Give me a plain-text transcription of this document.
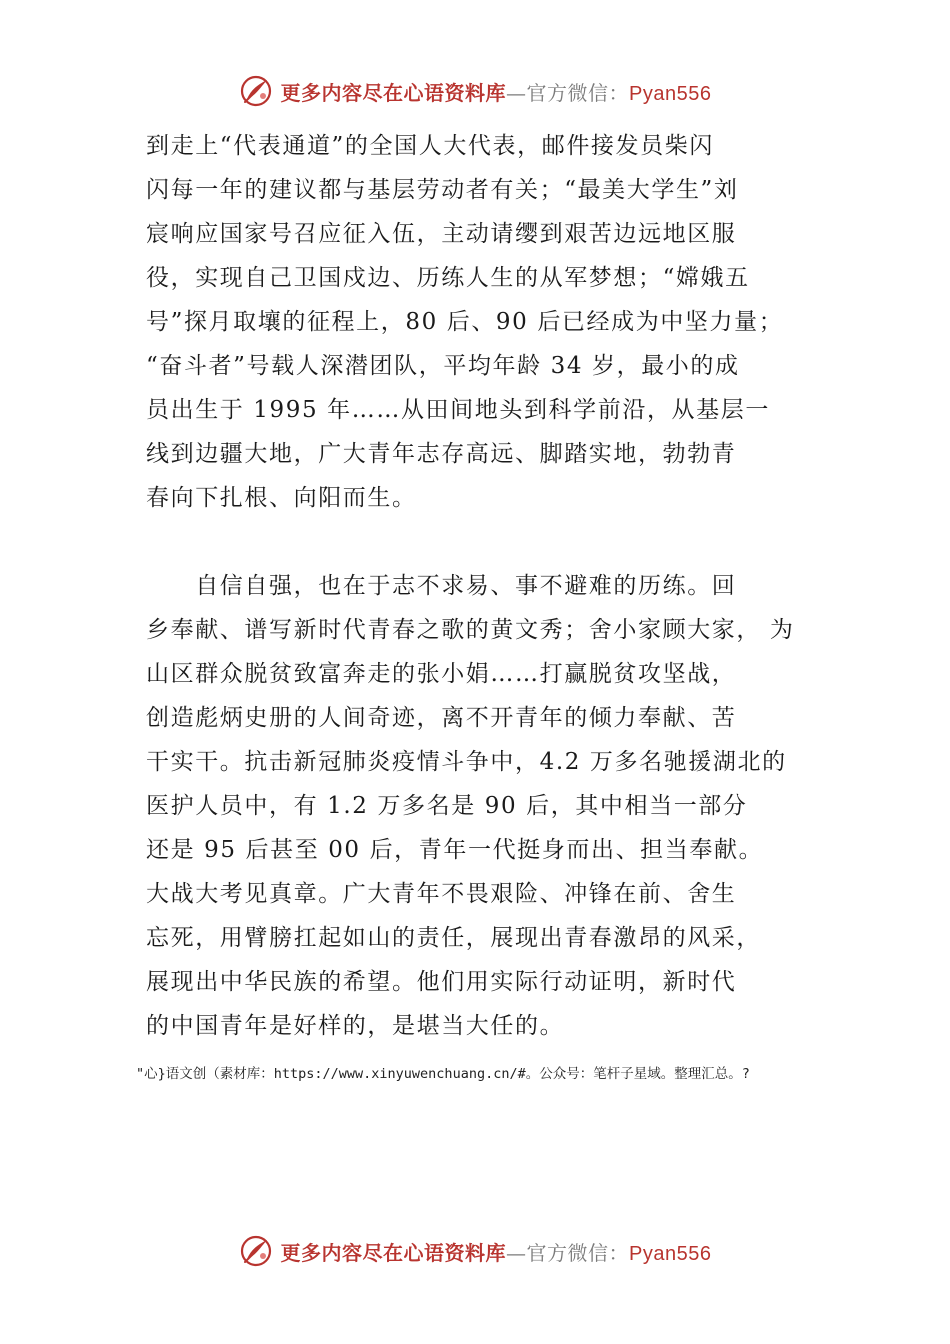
更多内容尽在心语资料库—官方微信：Pyan556
到走上“代表通道”的全国人大代表，邮件接发员柴闪
闪每一年的建议都与基层劳动者有关；“最美大学生”刘
宸响应国家号召应征入伍，主动请缨到艰苦边远地区服
役，实现自己卫国戍边、历练人生的从军梦想；“嫦娥五
号”探月取壤的征程上，80 后、90 后已经成为中坚力量；
“奋斗者”号载人深潜团队，平均年龄 34 岁，最小的成
员出生于 1995 年……从田间地头到科学前沿，从基层一
线到边疆大地，广大青年志存高远、脚踏实地，勃勃青
春向下扎根、向阳而生。
　　自信自强，也在于志不求易、事不避难的历练。回
乡奉献、谱写新时代青春之歌的黄文秀；舍小家顾大家， 为
山区群众脱贫致富奔走的张小娟……打赢脱贫攻坚战，
创造彪炳史册的人间奇迹，离不开青年的倾力奉献、苦
干实干。抗击新冠肺炎疫情斗争中，4.2 万多名驰援湖北的
医护人员中，有 1.2 万多名是 90 后，其中相当一部分
还是 95 后甚至 00 后，青年一代挺身而出、担当奉献。
大战大考见真章。广大青年不畏艰险、冲锋在前、舍生
忘死，用臂膀扛起如山的责任，展现出青春激昂的风采，
展现出中华民族的希望。他们用实际行动证明，新时代
的中国青年是好样的，是堪当大任的。
"心}语文创（素材库：https://www.xinyuwenchuang.cn/#。公众号：笔杆子星域。整理汇总。?
更多内容尽在心语资料库—官方微信：Pyan556
